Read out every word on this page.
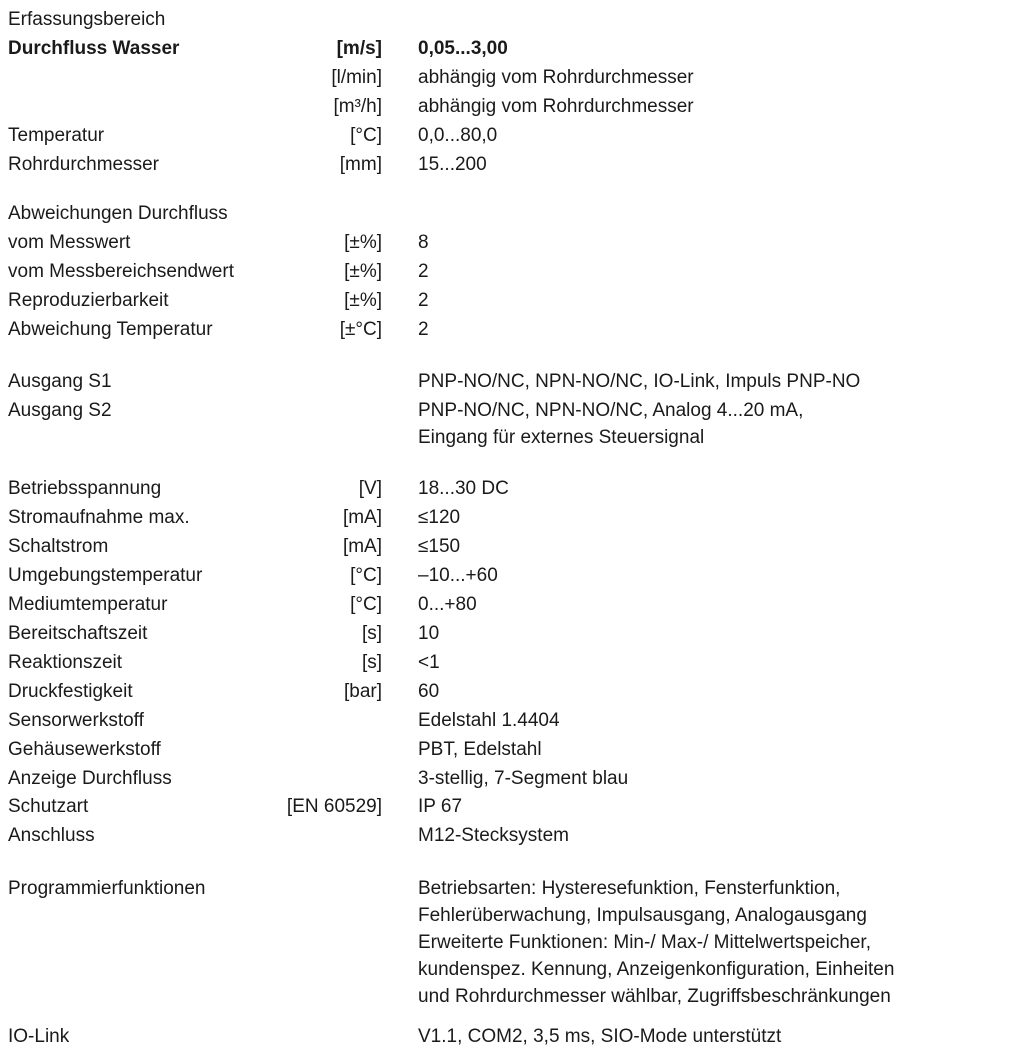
Erfassungsbereich
Durchfluss Wasser	[m/s] 0,05...3,00
[l/min] abhängig vom Rohrdurchmesser
[m³/h] abhängig vom Rohrdurchmesser
Temperatur	[°C] 0,0...80,0
Rohrdurchmesser	[mm] 15...200
Abweichungen Durchfluss
vom Messwert	[±%] 8
vom Messbereichsendwert	[±%] 2
Reproduzierbarkeit	[±%] 2
Abweichung Temperatur	[±°C] 2
Ausgang S1	PNP-NO/NC, NPN-NO/NC, IO-Link, Impuls PNP-NO
Ausgang S2	PNP-NO/NC, NPN-NO/NC, Analog 4...20 mA,
Eingang für externes Steuersignal
Betriebsspannung	[V] 18...30 DC
Stromaufnahme max.	[mA] ≤120
Schaltstrom	[mA] ≤150
Umgebungstemperatur	[°C] –10...+60
Mediumtemperatur	[°C] 0...+80
Bereitschaftszeit	[s] 10
Reaktionszeit	[s] <1
Druckfestigkeit	[bar] 60
Sensorwerkstoff	Edelstahl 1.4404
Gehäusewerkstoff	PBT, Edelstahl
Anzeige Durchfluss	3-stellig, 7-Segment blau
Schutzart	[EN 60529] IP 67
Anschluss	M12-Stecksystem
Programmierfunktionen	Betriebsarten: Hysteresefunktion, Fensterfunktion,
Fehlerüberwachung, Impulsausgang, Analogausgang
Erweiterte Funktionen: Min-/ Max-/ Mittelwertspeicher,
kundenspez. Kennung, Anzeigenkonfiguration, Einheiten
und Rohrdurchmesser wählbar, Zugriffsbeschränkungen
IO-Link	V1.1, COM2, 3,5 ms, SIO-Mode unterstützt
